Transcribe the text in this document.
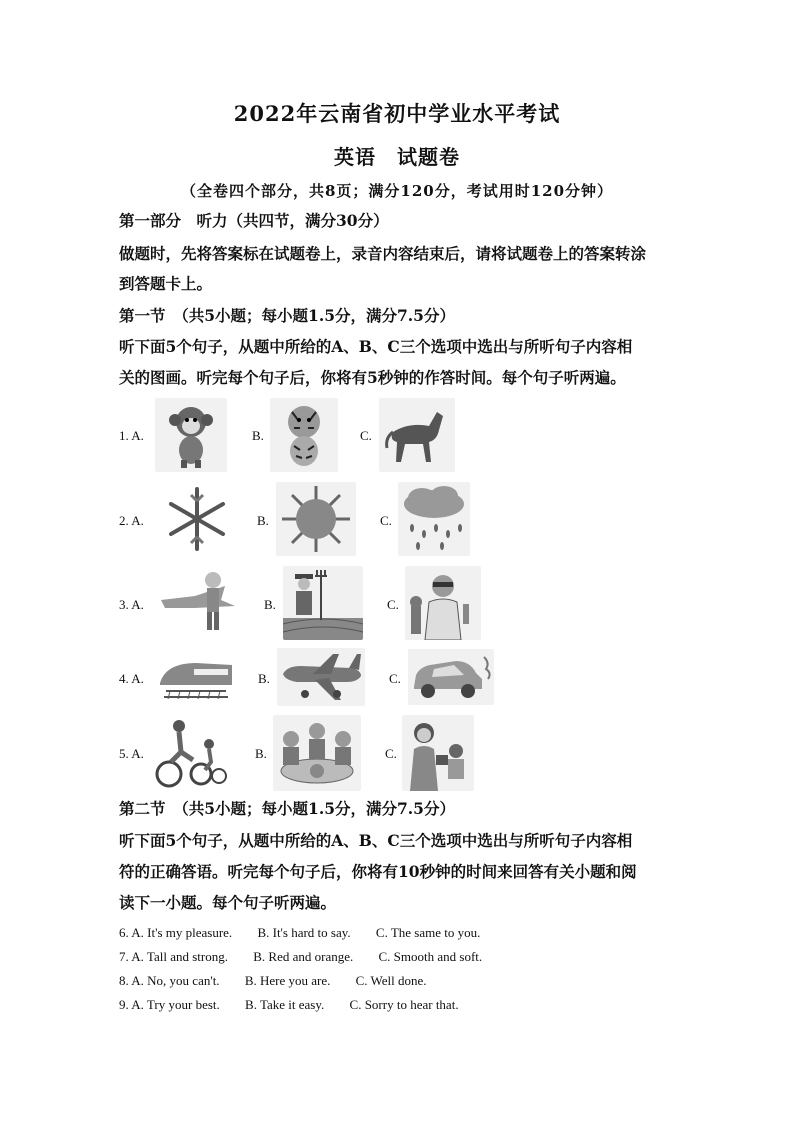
2022年云南省初中学业水平考试
英语　试题卷
（全卷四个部分，共8页；满分120分，考试用时120分钟）
第一部分　听力（共四节，满分30分）
做题时，先将答案标在试题卷上，录音内容结束后，请将试题卷上的答案转涂
到答题卡上。
第一节　（共5小题；每小题1.5分，满分7.5分）
听下面5个句子，从题中所给的A、B、C三个选项中选出与所听句子内容相
关的图画。听完每个句子后，你将有5秒钟的作答时间。每个句子听两遍。
1. A.	B.	C.
2. A.	B.	C.
3. A.	B.	C.
4. A.	B.	C.
5. A.	B.	C.
第二节　（共5小题；每小题1.5分，满分7.5分）
听下面5个句子，从题中所给的A、B、C三个选项中选出与所听句子内容相
符的正确答语。听完每个句子后，你将有10秒钟的时间来回答有关小题和阅
读下一小题。每个句子听两遍。
6. A. It's my pleasure. B. It's hard to say. C. The same to you.
7. A. Tall and strong. B. Red and orange. C. Smooth and soft.
8. A. No, you can't. B. Here you are. C. Well done.
9. A. Try your best. B. Take it easy. C. Sorry to hear that.
